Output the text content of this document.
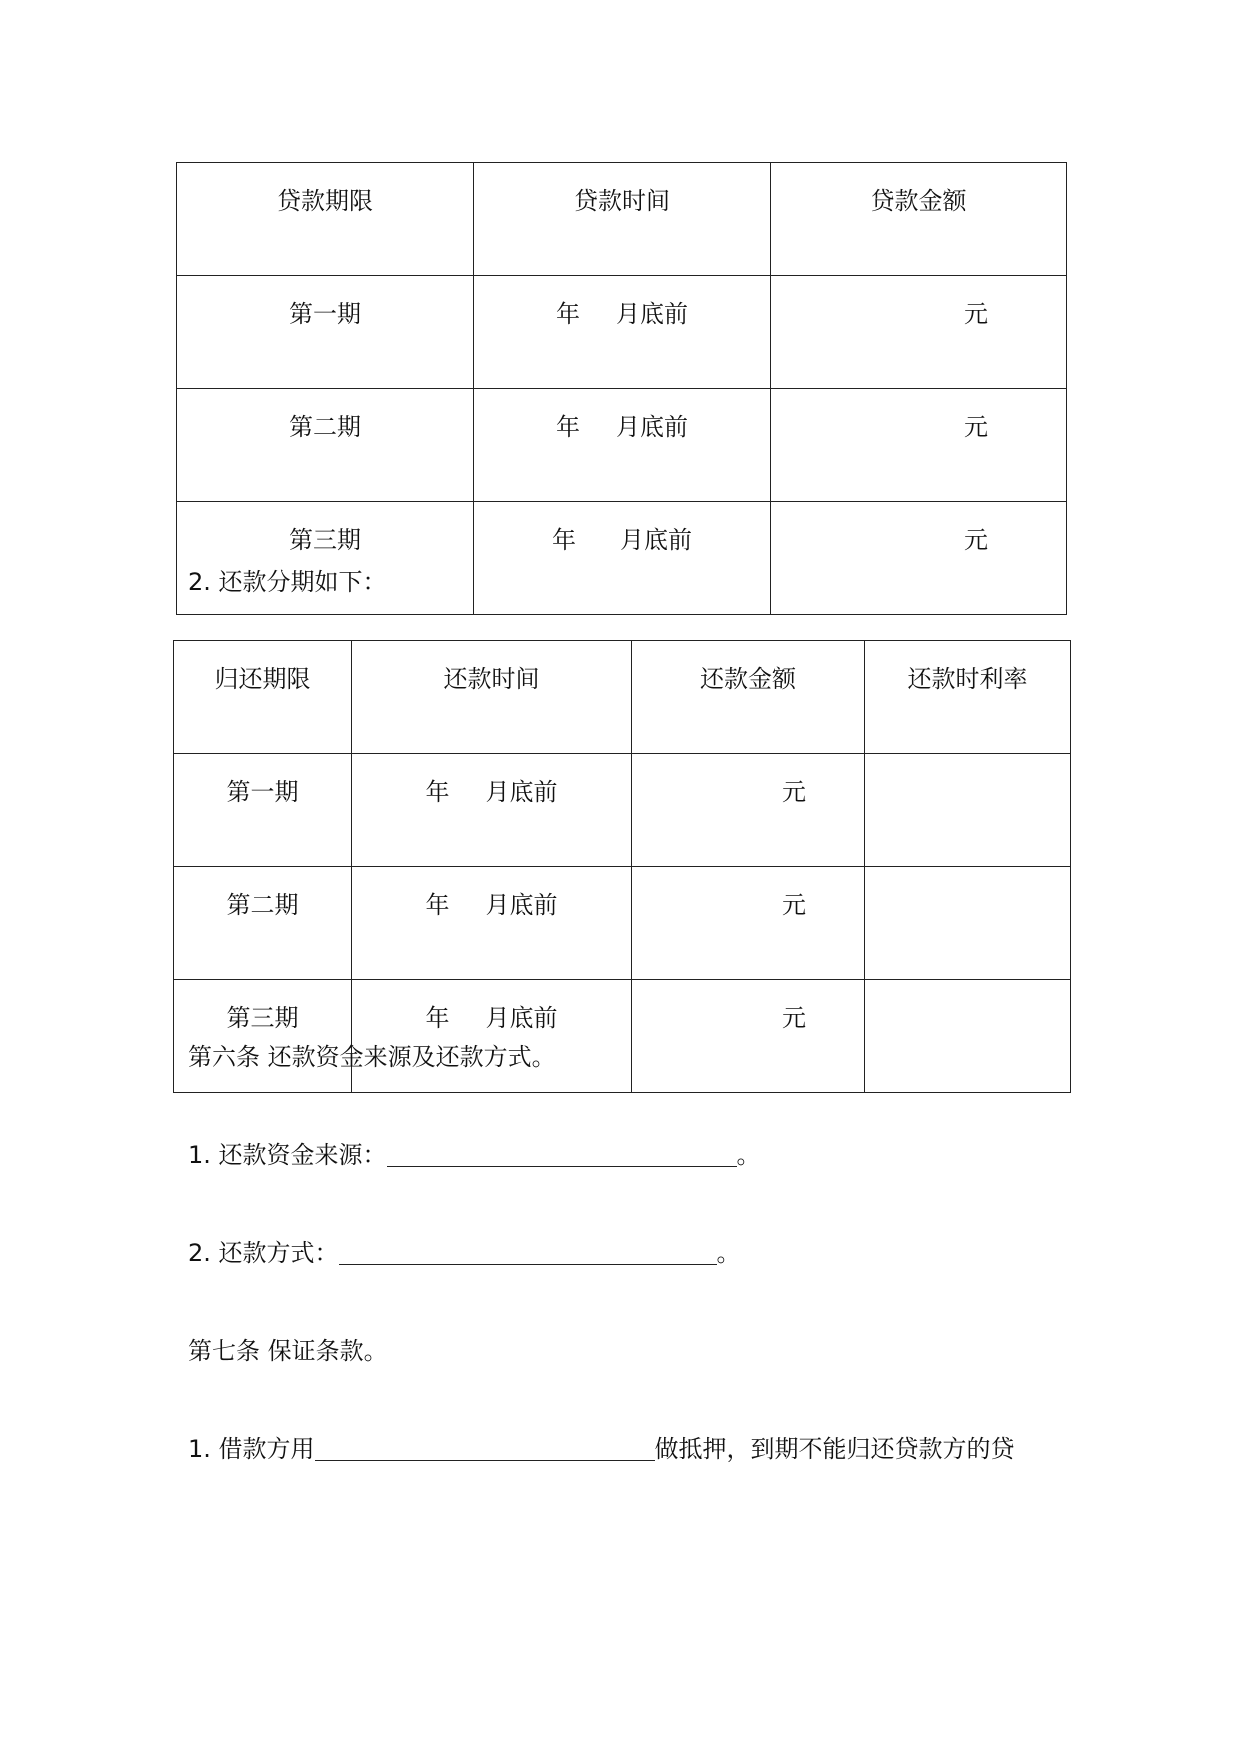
贷款期限	贷款时间	贷款金额
第一期	年 月底前	元
第二期	年 月底前	元
第三期	年 月底前	元
2. 还款分期如下：
归还期限	还款时间	还款金额	还款时利率
第一期	年 月底前	元	
第二期	年 月底前	元	
第三期	年 月底前	元	
第六条 还款资金来源及还款方式。
1. 还款资金来源：	。
2. 还款方式：	。
第七条 保证条款。
1. 借款方用	做抵押，到期不能归还贷款方的贷
